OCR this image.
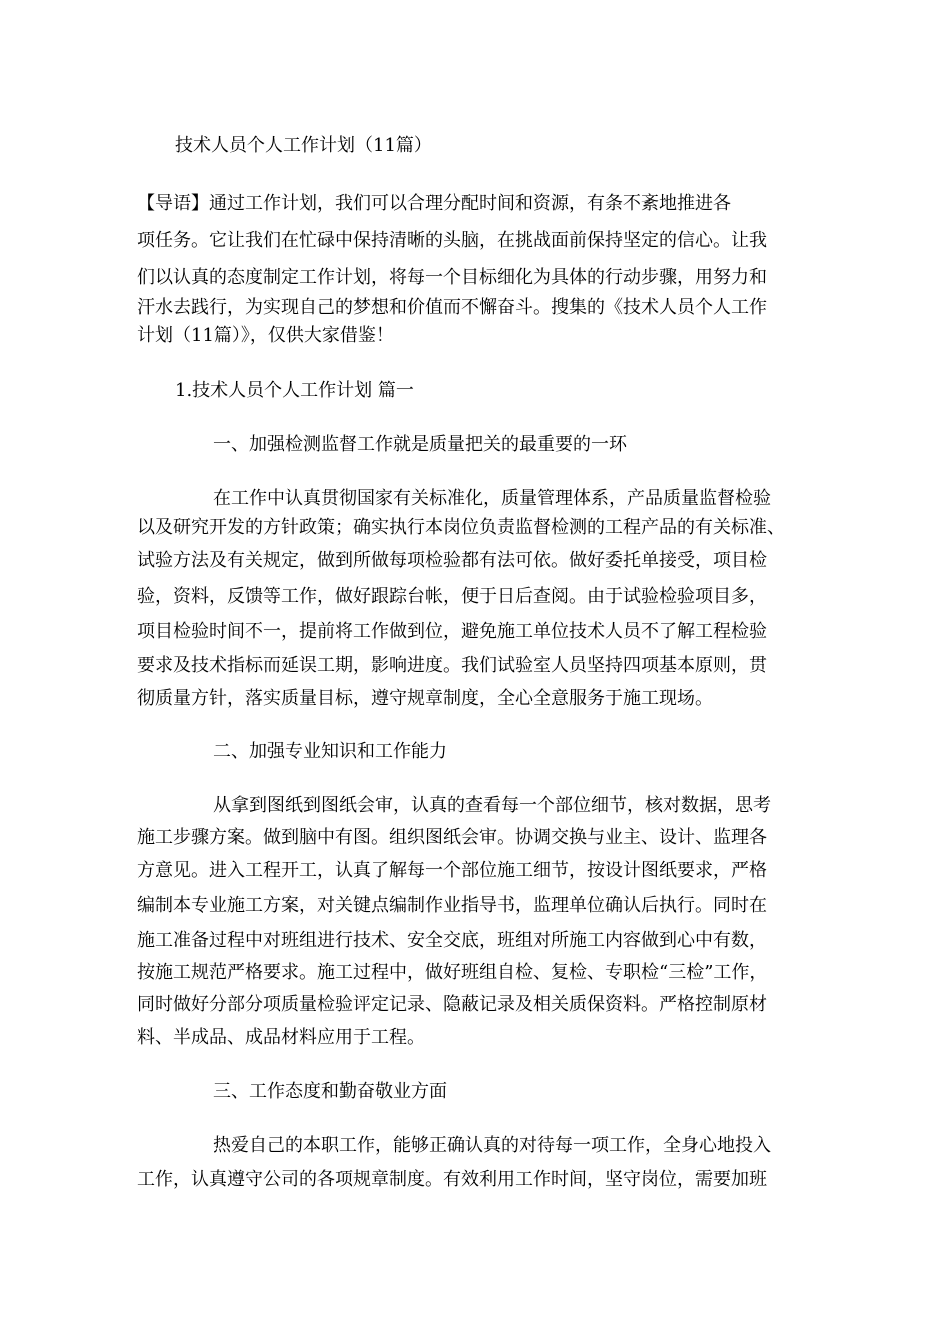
技术人员个人工作计划（11篇）
【导语】通过工作计划，我们可以合理分配时间和资源，有条不紊地推进各
项任务。它让我们在忙碌中保持清晰的头脑，在挑战面前保持坚定的信心。让我
们以认真的态度制定工作计划，将每一个目标细化为具体的行动步骤，用努力和
汗水去践行，为实现自己的梦想和价值而不懈奋斗。搜集的《技术人员个人工作
计划（11篇）》，仅供大家借鉴！
1.技术人员个人工作计划 篇一
一、加强检测监督工作就是质量把关的最重要的一环
在工作中认真贯彻国家有关标准化，质量管理体系，产品质量监督检验
以及研究开发的方针政策；确实执行本岗位负责监督检测的工程产品的有关标准、
试验方法及有关规定，做到所做每项检验都有法可依。做好委托单接受，项目检
验，资料，反馈等工作，做好跟踪台帐，便于日后查阅。由于试验检验项目多，
项目检验时间不一，提前将工作做到位，避免施工单位技术人员不了解工程检验
要求及技术指标而延误工期，影响进度。我们试验室人员坚持四项基本原则，贯
彻质量方针，落实质量目标，遵守规章制度，全心全意服务于施工现场。
二、加强专业知识和工作能力
从拿到图纸到图纸会审，认真的查看每一个部位细节，核对数据，思考
施工步骤方案。做到脑中有图。组织图纸会审。协调交换与业主、设计、监理各
方意见。进入工程开工，认真了解每一个部位施工细节，按设计图纸要求，严格
编制本专业施工方案，对关键点编制作业指导书，监理单位确认后执行。同时在
施工准备过程中对班组进行技术、安全交底，班组对所施工内容做到心中有数，
按施工规范严格要求。施工过程中，做好班组自检、复检、专职检“三检”工作，
同时做好分部分项质量检验评定记录、隐蔽记录及相关质保资料。严格控制原材
料、半成品、成品材料应用于工程。
三、工作态度和勤奋敬业方面
热爱自己的本职工作，能够正确认真的对待每一项工作，全身心地投入
工作，认真遵守公司的各项规章制度。有效利用工作时间，坚守岗位，需要加班
